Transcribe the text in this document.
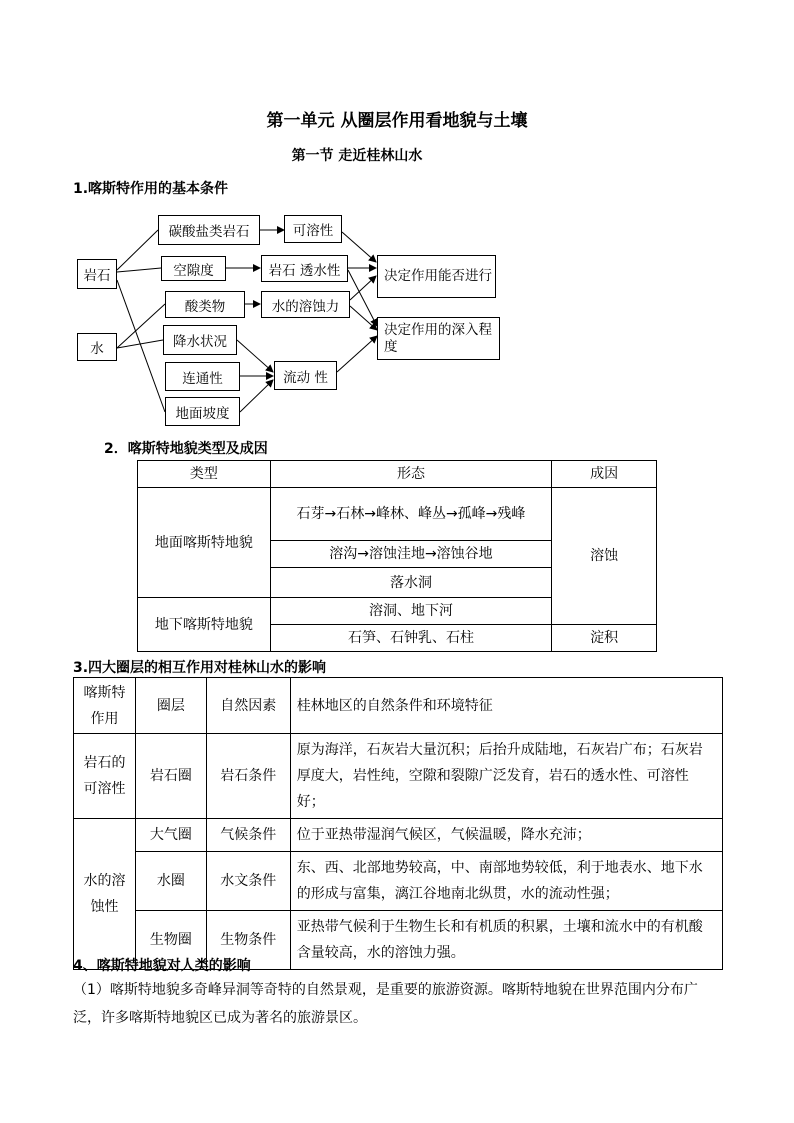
第一单元 从圈层作用看地貌与土壤
第一节 走近桂林山水
1.喀斯特作用的基本条件
岩石
水
碳酸盐类岩石
空隙度
酸类物
降水状况
连通性
地面坡度
可溶性
岩石 透水性
水的溶蚀力
流动 性
决定作用能否进行
决定作用的深入程度
2．喀斯特地貌类型及成因
类型	形态	成因
地面喀斯特地貌	石芽→石林→峰林、峰丛→孤峰→残峰	溶蚀
	溶沟→溶蚀洼地→溶蚀谷地	
	落水洞	
地下喀斯特地貌	溶洞、地下河	
	石笋、石钟乳、石柱	淀积
3.四大圈层的相互作用对桂林山水的影响
喀斯特作用	圈层	自然因素	桂林地区的自然条件和环境特征
岩石的可溶性	岩石圈	岩石条件	原为海洋，石灰岩大量沉积；后抬升成陆地，石灰岩广布；石灰岩厚度大，岩性纯，空隙和裂隙广泛发育，岩石的透水性、可溶性好；
水的溶蚀性	大气圈	气候条件	位于亚热带湿润气候区，气候温暖，降水充沛；
	水圈	水文条件	东、西、北部地势较高，中、南部地势较低，利于地表水、地下水的形成与富集，漓江谷地南北纵贯，水的流动性强；
	生物圈	生物条件	亚热带气候利于生物生长和有机质的积累，土壤和流水中的有机酸含量较高，水的溶蚀力强。
4、喀斯特地貌对人类的影响
（1）喀斯特地貌多奇峰异洞等奇特的自然景观，是重要的旅游资源。喀斯特地貌在世界范围内分布广泛，许多喀斯特地貌区已成为著名的旅游景区。
